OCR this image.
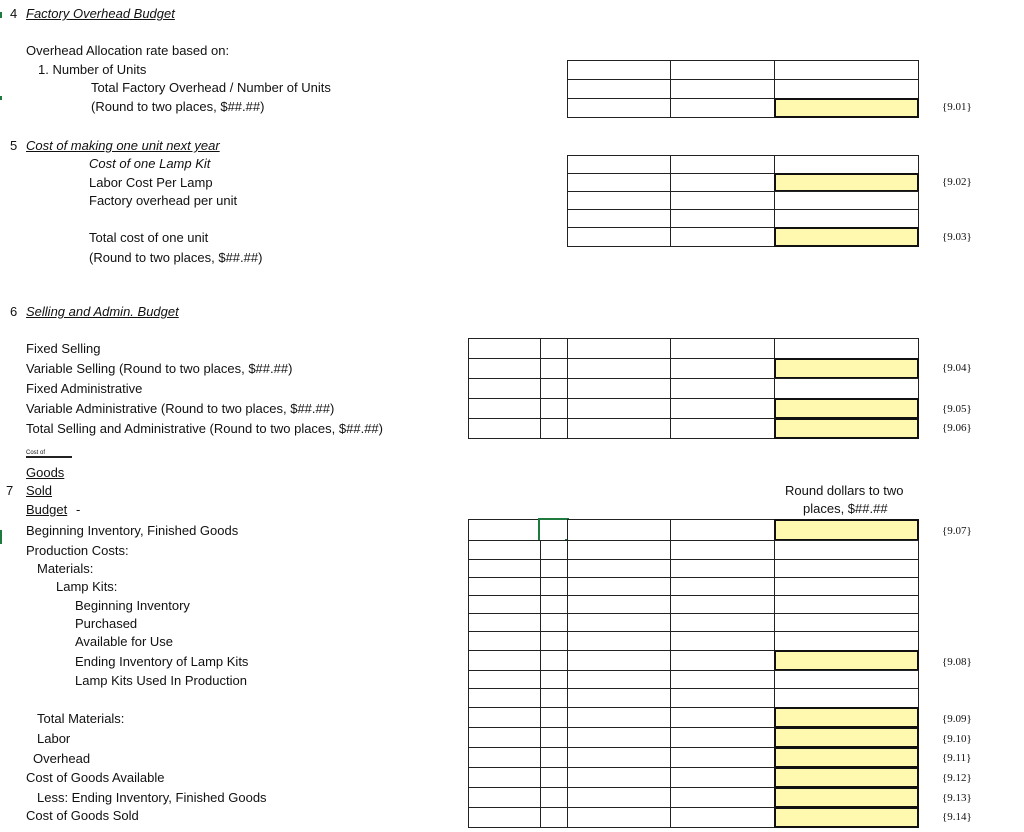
4 Factory Overhead Budget
Overhead Allocation rate based on:
1. Number of Units
Total Factory Overhead / Number of Units
(Round to two places, $##.##)	{9.01}
5 Cost of making one unit next year
Cost of one Lamp Kit
Labor Cost Per Lamp
Factory overhead per unit
Total cost of one unit
(Round to two places, $##.##)
{9.02}
{9.03}
6 Selling and Admin. Budget
Fixed Selling
Variable Selling (Round to two places, $##.##)
Fixed Administrative
Variable Administrative (Round to two places, $##.##)
Total Selling and Administrative (Round to two places, $##.##)
{9.04}
{9.05}
{9.06}
Cost of
Goods
7 Sold
Budget -
Round dollars to two
places, $##.##
Beginning Inventory, Finished Goods
Production Costs:
Materials:
Lamp Kits:
Beginning Inventory
Purchased
Available for Use
Ending Inventory of Lamp Kits
Lamp Kits Used In Production
Total Materials:
Labor
Overhead
Cost of Goods Available
Less: Ending Inventory, Finished Goods
Cost of Goods Sold
{9.07}
{9.08}
{9.09}
{9.10}
{9.11}
{9.12}
{9.13}
{9.14}
